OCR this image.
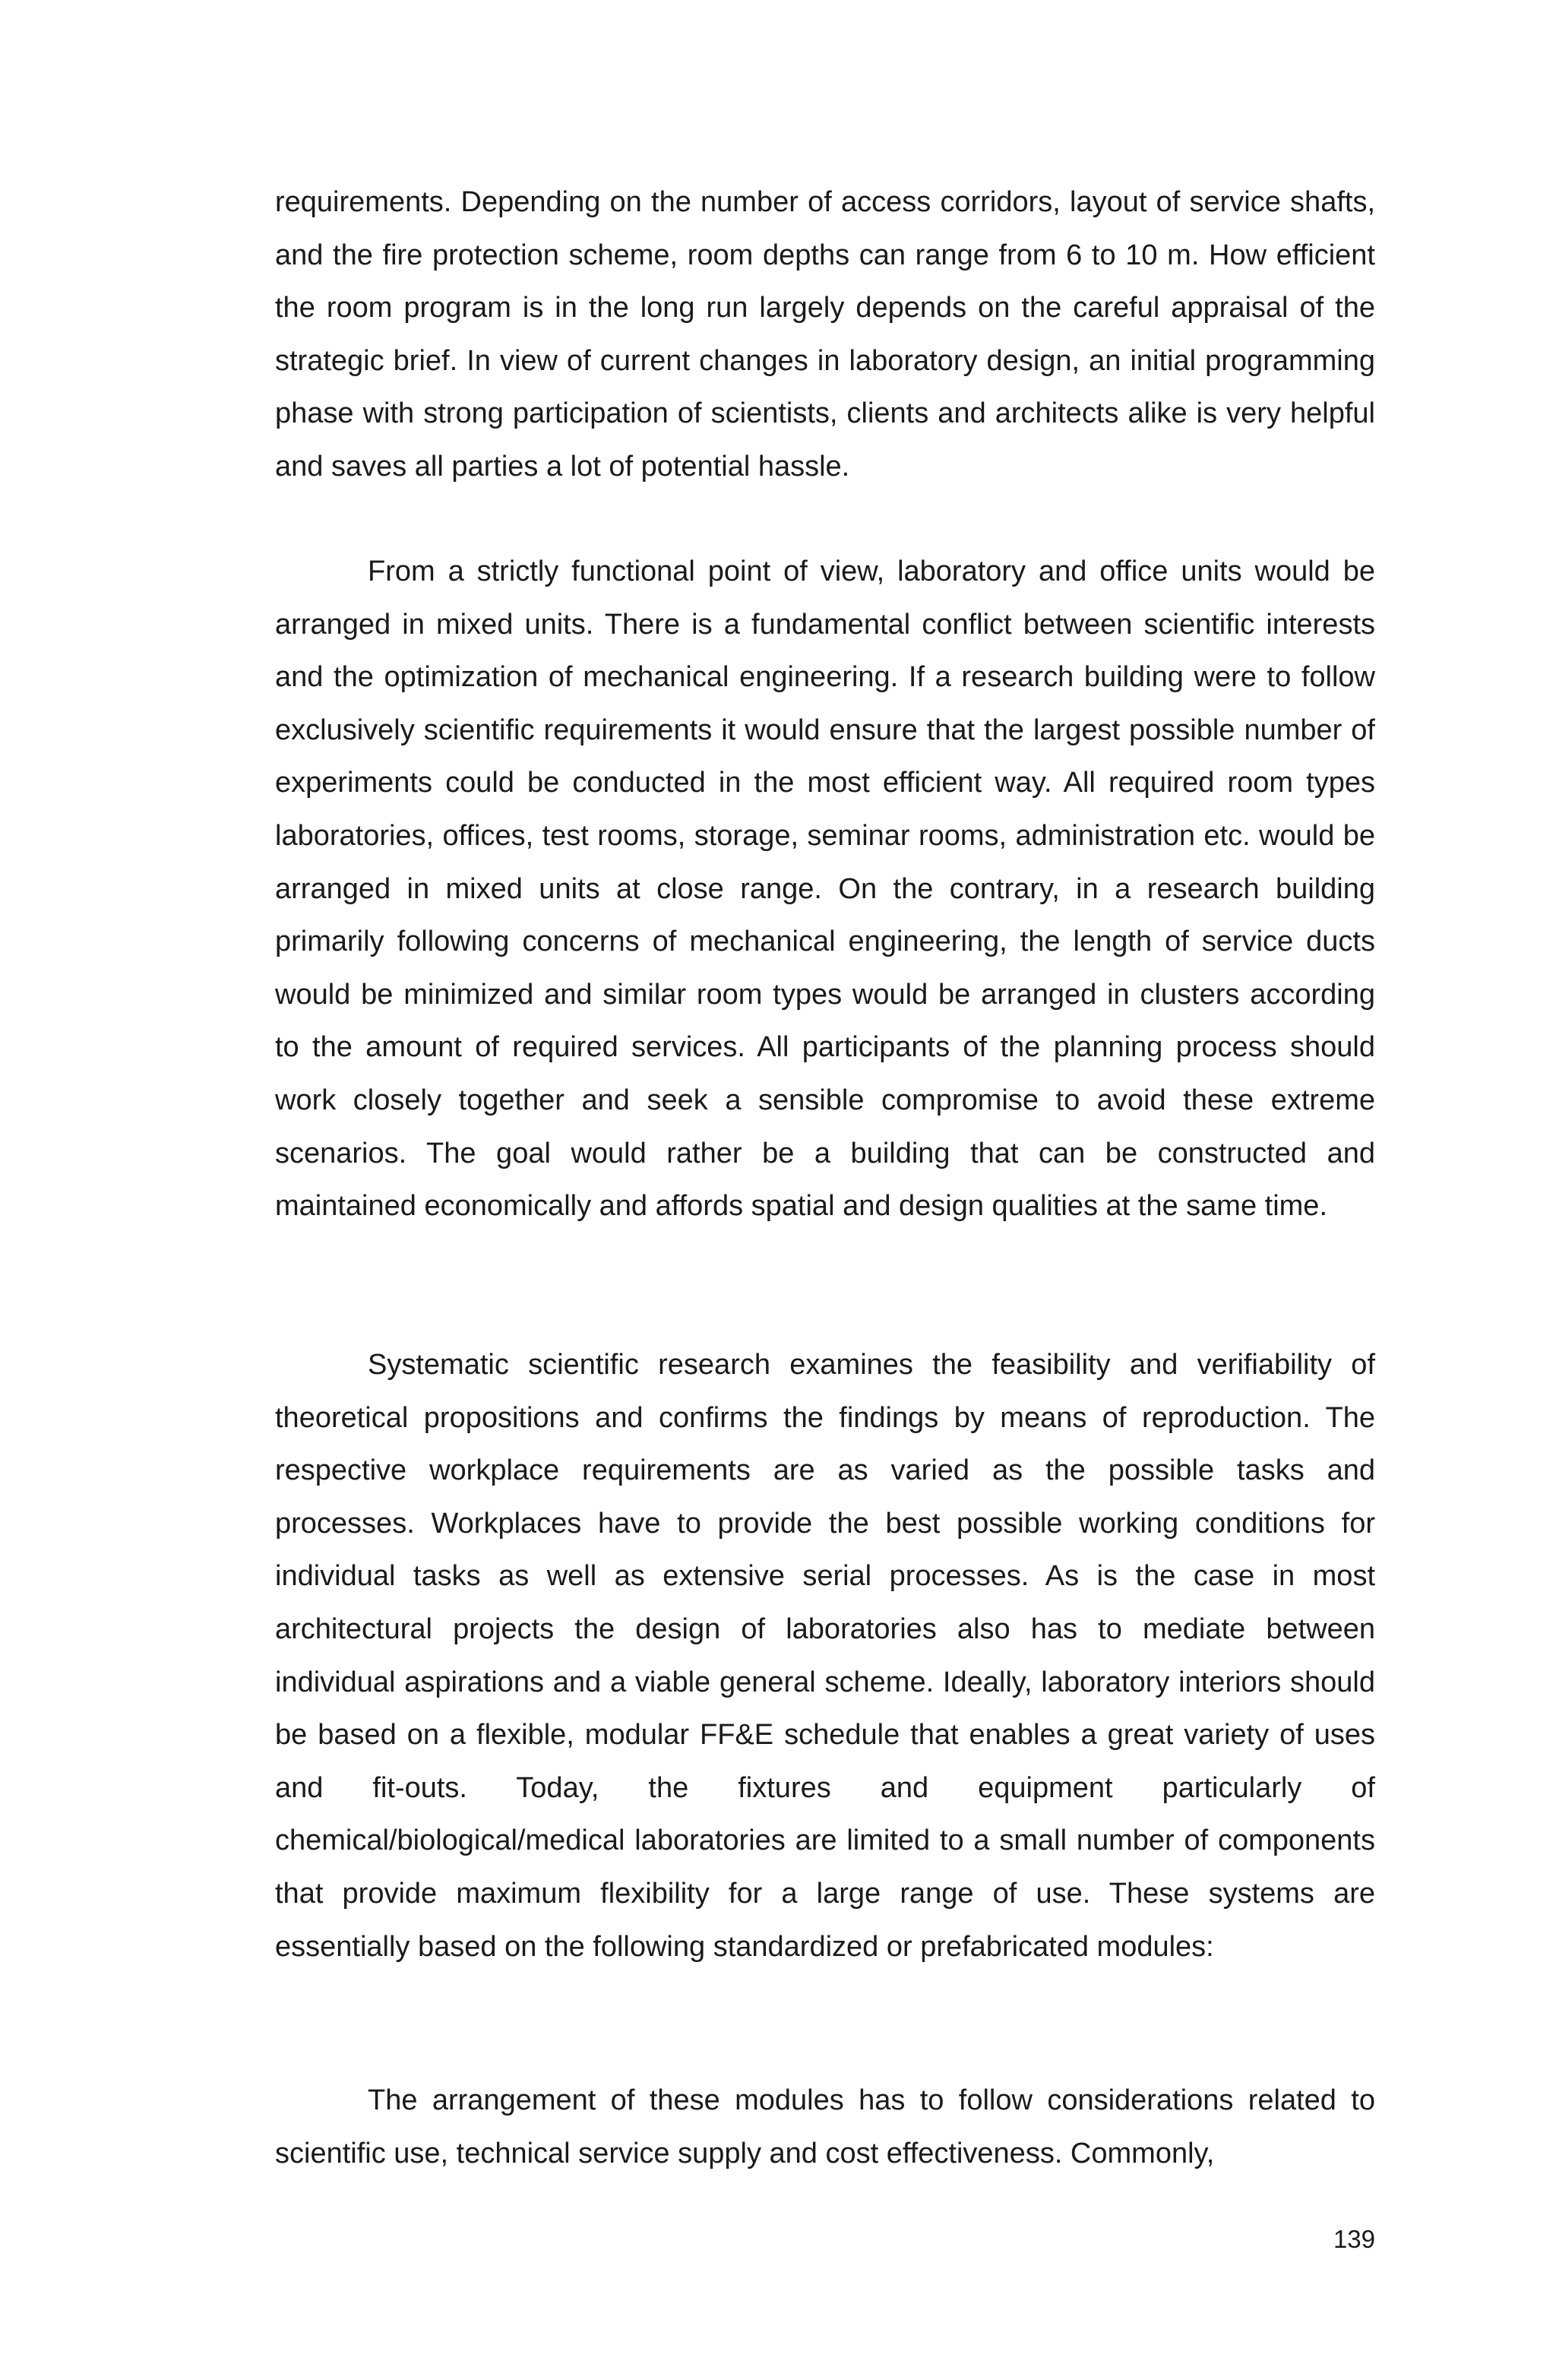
requirements. Depending on the number of access corridors, layout of service shafts, and the fire protection scheme, room depths can range from 6 to 10 m. How efficient the room program is in the long run largely depends on the careful appraisal of the strategic brief. In view of current changes in laboratory design, an initial programming phase with strong participation of scientists, clients and architects alike is very helpful and saves all parties a lot of potential hassle.

From a strictly functional point of view, laboratory and office units would be arranged in mixed units. There is a fundamental conflict between scientific interests and the optimization of mechanical engineering. If a research building were to follow exclusively scientific requirements it would ensure that the largest possible number of experiments could be conducted in the most efficient way. All required room types laboratories, offices, test rooms, storage, seminar rooms, administration etc. would be arranged in mixed units at close range. On the contrary, in a research building primarily following concerns of mechanical engineering, the length of service ducts would be minimized and similar room types would be arranged in clusters according to the amount of required services. All participants of the planning process should work closely together and seek a sensible compromise to avoid these extreme scenarios. The goal would rather be a building that can be constructed and maintained economically and affords spatial and design qualities at the same time.

Systematic scientific research examines the feasibility and verifiability of theoretical propositions and confirms the findings by means of reproduction. The respective workplace requirements are as varied as the possible tasks and processes. Workplaces have to provide the best possible working conditions for individual tasks as well as extensive serial processes. As is the case in most architectural projects the design of laboratories also has to mediate between individual aspirations and a viable general scheme. Ideally, laboratory interiors should be based on a flexible, modular FF&E schedule that enables a great variety of uses and fit-outs. Today, the fixtures and equipment particularly of chemical/biological/medical laboratories are limited to a small number of components that provide maximum flexibility for a large range of use. These systems are essentially based on the following standardized or prefabricated modules:

The arrangement of these modules has to follow considerations related to scientific use, technical service supply and cost effectiveness. Commonly,

139
